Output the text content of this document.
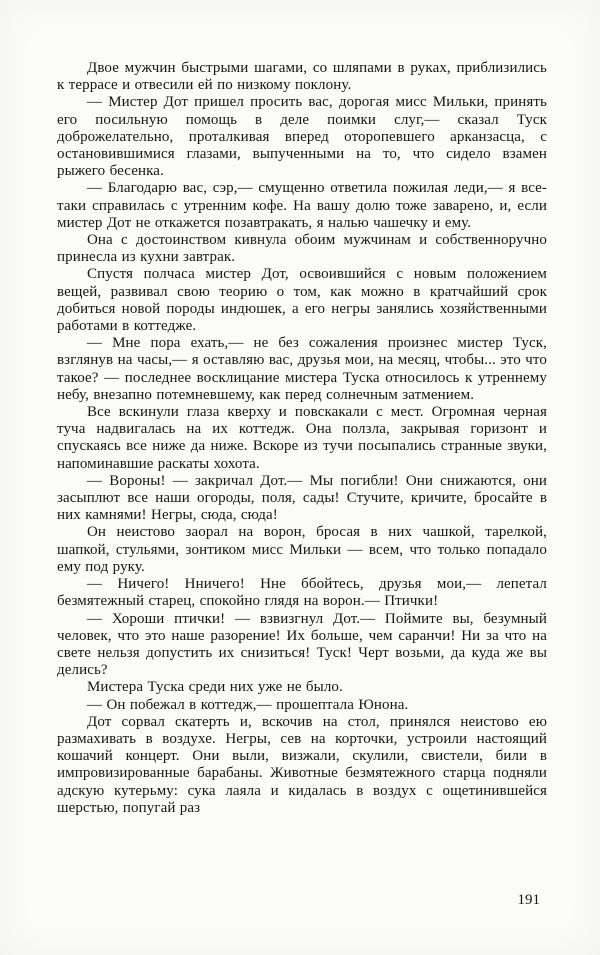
Двое мужчин быстрыми шагами, со шляпами в руках, приблизились к террасе и отвесили ей по низкому поклону.

— Мистер Дот пришел просить вас, дорогая мисс Мильки, принять его посильную помощь в деле поимки слуг,— сказал Туск доброжелательно, проталкивая вперед оторопевшего арканзасца, с остановившимися глазами, выпученными на то, что сидело взамен рыжего бесенка.

— Благодарю вас, сэр,— смущенно ответила пожилая леди,— я все-таки справилась с утренним кофе. На вашу долю тоже заварено, и, если мистер Дот не откажется позавтракать, я налью чашечку и ему.

Она с достоинством кивнула обоим мужчинам и собственноручно принесла из кухни завтрак.

Спустя полчаса мистер Дот, освоившийся с новым положением вещей, развивал свою теорию о том, как можно в кратчайший срок добиться новой породы индюшек, а его негры занялись хозяйственными работами в коттедже.

— Мне пора ехать,— не без сожаления произнес мистер Туск, взглянув на часы,— я оставляю вас, друзья мои, на месяц, чтобы... это что такое? — последнее восклицание мистера Туска относилось к утреннему небу, внезапно потемневшему, как перед солнечным затмением.

Все вскинули глаза кверху и повскакали с мест. Огромная черная туча надвигалась на их коттедж. Она ползла, закрывая горизонт и спускаясь все ниже да ниже. Вскоре из тучи посыпались странные звуки, напоминавшие раскаты хохота.

— Вороны! — закричал Дот.— Мы погибли! Они снижаются, они засыплют все наши огороды, поля, сады! Стучите, кричите, бросайте в них камнями! Негры, сюда, сюда!

Он неистово заорал на ворон, бросая в них чашкой, тарелкой, шапкой, стульями, зонтиком мисс Мильки — всем, что только попадало ему под руку.

— Ничего! Нничего! Нне ббойтесь, друзья мои,— лепетал безмятежный старец, спокойно глядя на ворон.— Птички!

— Хороши птички! — взвизгнул Дот.— Поймите вы, безумный человек, что это наше разорение! Их больше, чем саранчи! Ни за что на свете нельзя допустить их снизиться! Туск! Черт возьми, да куда же вы делись?

Мистера Туска среди них уже не было.

— Он побежал в коттедж,— прошептала Юнона.

Дот сорвал скатерть и, вскочив на стол, принялся неистово ею размахивать в воздухе. Негры, сев на корточки, устроили настоящий кошачий концерт. Они выли, визжали, скулили, свистели, били в импровизированные барабаны. Животные безмятежного старца подняли адскую кутерьму: сука лаяла и кидалась в воздух с ощетинившейся шерстью, попугай раз

191
